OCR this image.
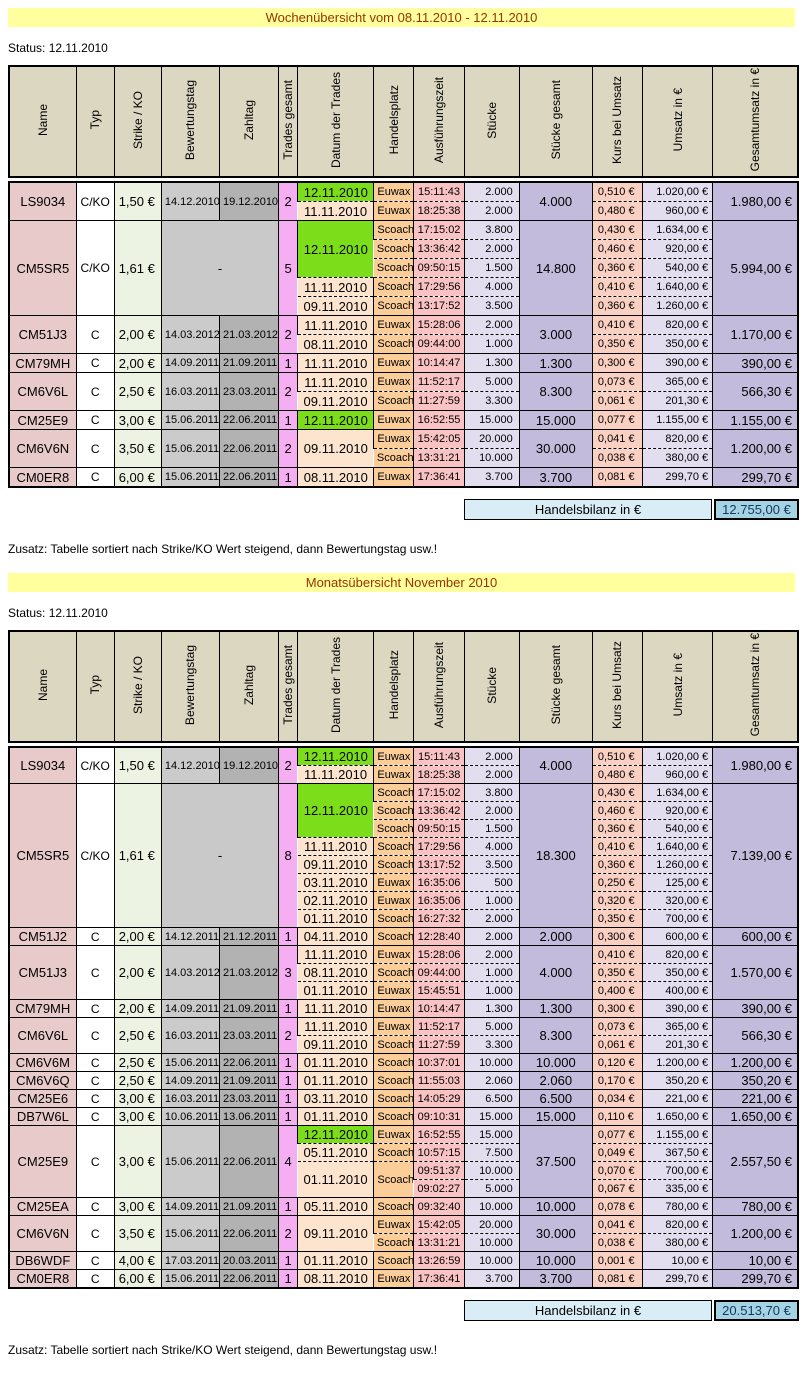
Wochenübersicht vom 08.11.2010 - 12.11.2010
Status: 12.11.2010
Name	Typ	Strike / KO	Bewertungstag	Zahltag	Trades gesamt	Datum der Trades	Handelsplatz	Ausführungszeit	Stücke	Stücke gesamt	Kurs bei Umsatz	Umsatz in €	Gesamtumsatz in €
LS9034	C/KO	1,50 €	14.12.2010	19.12.2010	2	12.11.2010	Euwax	15:11:43	2.000	4.000	0,510 €	1.020,00 €	1.980,00 €
						11.11.2010	Euwax	18:25:38	2.000		0,480 €	960,00 €	
CM5SR5	C/KO	1,61 €	-		5	12.11.2010	Scoach	17:15:02	3.800	14.800	0,430 €	1.634,00 €	5.994,00 €
							Scoach	13:36:42	2.000		0,460 €	920,00 €	
							Scoach	09:50:15	1.500		0,360 €	540,00 €	
						11.11.2010	Scoach	17:29:56	4.000		0,410 €	1.640,00 €	
						09.11.2010	Scoach	13:17:52	3.500		0,360 €	1.260,00 €	
CM51J3	C	2,00 €	14.03.2012	21.03.2012	2	11.11.2010	Euwax	15:28:06	2.000	3.000	0,410 €	820,00 €	1.170,00 €
						08.11.2010	Scoach	09:44:00	1.000		0,350 €	350,00 €	
CM79MH	C	2,00 €	14.09.2011	21.09.2011	1	11.11.2010	Euwax	10:14:47	1.300	1.300	0,300 €	390,00 €	390,00 €
CM6V6L	C	2,50 €	16.03.2011	23.03.2011	2	11.11.2010	Euwax	11:52:17	5.000	8.300	0,073 €	365,00 €	566,30 €
						09.11.2010	Scoach	11:27:59	3.300		0,061 €	201,30 €	
CM25E9	C	3,00 €	15.06.2011	22.06.2011	1	12.11.2010	Euwax	16:52:55	15.000	15.000	0,077 €	1.155,00 €	1.155,00 €
CM6V6N	C	3,50 €	15.06.2011	22.06.2011	2	09.11.2010	Euwax	15:42:05	20.000	30.000	0,041 €	820,00 €	1.200,00 €
							Scoach	13:31:21	10.000		0,038 €	380,00 €	
CM0ER8	C	6,00 €	15.06.2011	22.06.2011	1	08.11.2010	Euwax	17:36:41	3.700	3.700	0,081 €	299,70 €	299,70 €
Handelsbilanz in €	12.755,00 €
Zusatz: Tabelle sortiert nach Strike/KO Wert steigend, dann Bewertungstag usw.!
Monatsübersicht November 2010
Status: 12.11.2010
Name	Typ	Strike / KO	Bewertungstag	Zahltag	Trades gesamt	Datum der Trades	Handelsplatz	Ausführungszeit	Stücke	Stücke gesamt	Kurs bei Umsatz	Umsatz in €	Gesamtumsatz in €
LS9034	C/KO	1,50 €	14.12.2010	19.12.2010	2	12.11.2010	Euwax	15:11:43	2.000	4.000	0,510 €	1.020,00 €	1.980,00 €
						11.11.2010	Euwax	18:25:38	2.000		0,480 €	960,00 €	
CM5SR5	C/KO	1,61 €	-		8	12.11.2010	Scoach	17:15:02	3.800	18.300	0,430 €	1.634,00 €	7.139,00 €
							Scoach	13:36:42	2.000		0,460 €	920,00 €	
							Scoach	09:50:15	1.500		0,360 €	540,00 €	
						11.11.2010	Scoach	17:29:56	4.000		0,410 €	1.640,00 €	
						09.11.2010	Scoach	13:17:52	3.500		0,360 €	1.260,00 €	
						03.11.2010	Euwax	16:35:06	500		0,250 €	125,00 €	
						02.11.2010	Euwax	16:35:06	1.000		0,320 €	320,00 €	
						01.11.2010	Scoach	16:27:32	2.000		0,350 €	700,00 €	
CM51J2	C	2,00 €	14.12.2011	21.12.2011	1	04.11.2010	Scoach	12:28:40	2.000	2.000	0,300 €	600,00 €	600,00 €
CM51J3	C	2,00 €	14.03.2012	21.03.2012	3	11.11.2010	Euwax	15:28:06	2.000	4.000	0,410 €	820,00 €	1.570,00 €
						08.11.2010	Scoach	09:44:00	1.000		0,350 €	350,00 €	
						01.11.2010	Euwax	15:45:51	1.000		0,400 €	400,00 €	
CM79MH	C	2,00 €	14.09.2011	21.09.2011	1	11.11.2010	Euwax	10:14:47	1.300	1.300	0,300 €	390,00 €	390,00 €
CM6V6L	C	2,50 €	16.03.2011	23.03.2011	2	11.11.2010	Euwax	11:52:17	5.000	8.300	0,073 €	365,00 €	566,30 €
						09.11.2010	Scoach	11:27:59	3.300		0,061 €	201,30 €	
CM6V6M	C	2,50 €	15.06.2011	22.06.2011	1	01.11.2010	Scoach	10:37:01	10.000	10.000	0,120 €	1.200,00 €	1.200,00 €
CM6V6Q	C	2,50 €	14.09.2011	21.09.2011	1	01.11.2010	Scoach	11:55:03	2.060	2.060	0,170 €	350,20 €	350,20 €
CM25E6	C	3,00 €	16.03.2011	23.03.2011	1	03.11.2010	Scoach	14:05:29	6.500	6.500	0,034 €	221,00 €	221,00 €
DB7W6L	C	3,00 €	10.06.2011	13.06.2011	1	01.11.2010	Scoach	09:10:31	15.000	15.000	0,110 €	1.650,00 €	1.650,00 €
CM25E9	C	3,00 €	15.06.2011	22.06.2011	4	12.11.2010	Euwax	16:52:55	15.000	37.500	0,077 €	1.155,00 €	2.557,50 €
						05.11.2010	Scoach	10:57:15	7.500		0,049 €	367,50 €	
						01.11.2010	Scoach	09:51:37	10.000		0,070 €	700,00 €	
								09:02:27	5.000		0,067 €	335,00 €	
CM25EA	C	3,00 €	14.09.2011	21.09.2011	1	05.11.2010	Scoach	09:32:40	10.000	10.000	0,078 €	780,00 €	780,00 €
CM6V6N	C	3,50 €	15.06.2011	22.06.2011	2	09.11.2010	Euwax	15:42:05	20.000	30.000	0,041 €	820,00 €	1.200,00 €
							Scoach	13:31:21	10.000		0,038 €	380,00 €	
DB6WDF	C	4,00 €	17.03.2011	20.03.2011	1	01.11.2010	Scoach	13:26:59	10.000	10.000	0,001 €	10,00 €	10,00 €
CM0ER8	C	6,00 €	15.06.2011	22.06.2011	1	08.11.2010	Euwax	17:36:41	3.700	3.700	0,081 €	299,70 €	299,70 €
Handelsbilanz in €	20.513,70 €
Zusatz: Tabelle sortiert nach Strike/KO Wert steigend, dann Bewertungstag usw.!
